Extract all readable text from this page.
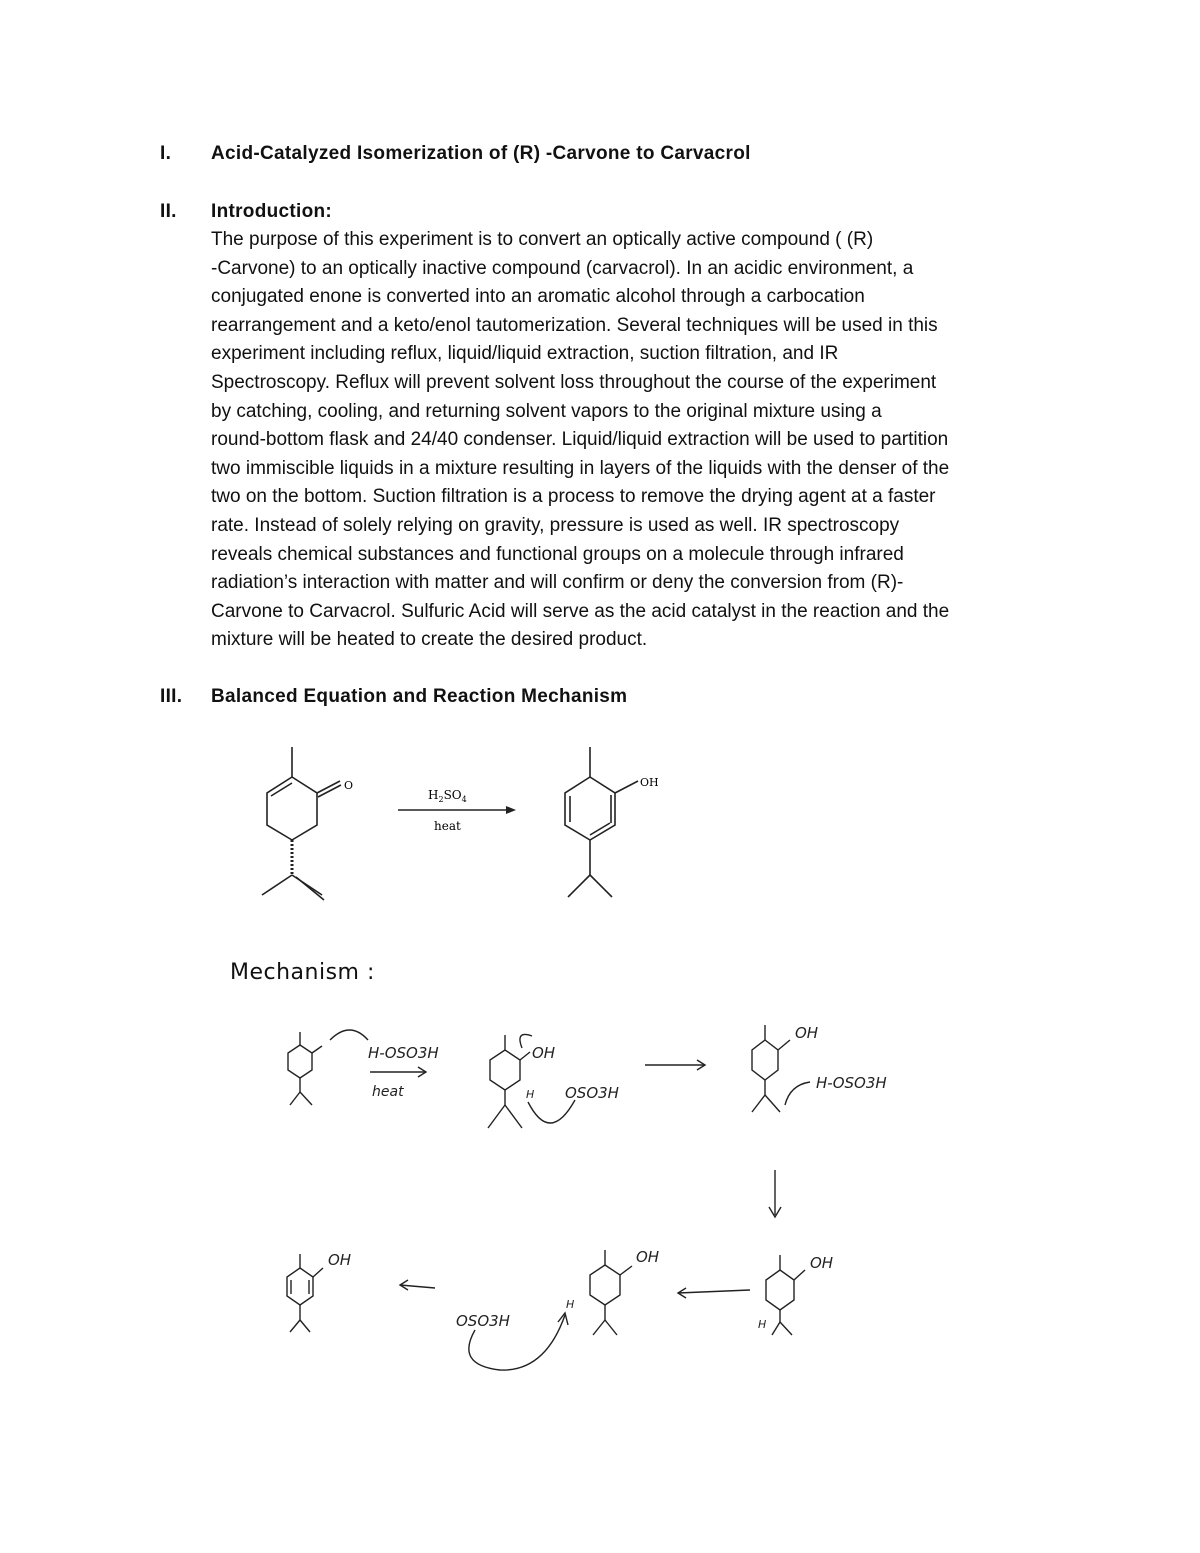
I.	Acid-Catalyzed Isomerization of (R) -Carvone to Carvacrol
II.	Introduction:

The purpose of this experiment is to convert an optically active compound ( (R)
-Carvone) to an optically inactive compound (carvacrol). In an acidic environment, a
conjugated enone is converted into an aromatic alcohol through a carbocation
rearrangement and a keto/enol tautomerization. Several techniques will be used in this
experiment including reflux, liquid/liquid extraction, suction filtration, and IR
Spectroscopy. Reflux will prevent solvent loss throughout the course of the experiment
by catching, cooling, and returning solvent vapors to the original mixture using a
round-bottom flask and 24/40 condenser. Liquid/liquid extraction will be used to partition
two immiscible liquids in a mixture resulting in layers of the liquids with the denser of the
two on the bottom. Suction filtration is a process to remove the drying agent at a faster
rate. Instead of solely relying on gravity, pressure is used as well. IR spectroscopy
reveals chemical substances and functional groups on a molecule through infrared
radiation’s interaction with matter and will confirm or deny the conversion from (R)-
Carvone to Carvacrol. Sulfuric Acid will serve as the acid catalyst in the reaction and the
mixture will be heated to create the desired product.

III.	Balanced Equation and Reaction Mechanism
O
$H_2SO_4$
heat
OH
Mechanism :
H-OSO3H
heat
OH
H OSO3H
OH
H-OSO3H
OH
H
OH
H
OSO3H
OH
